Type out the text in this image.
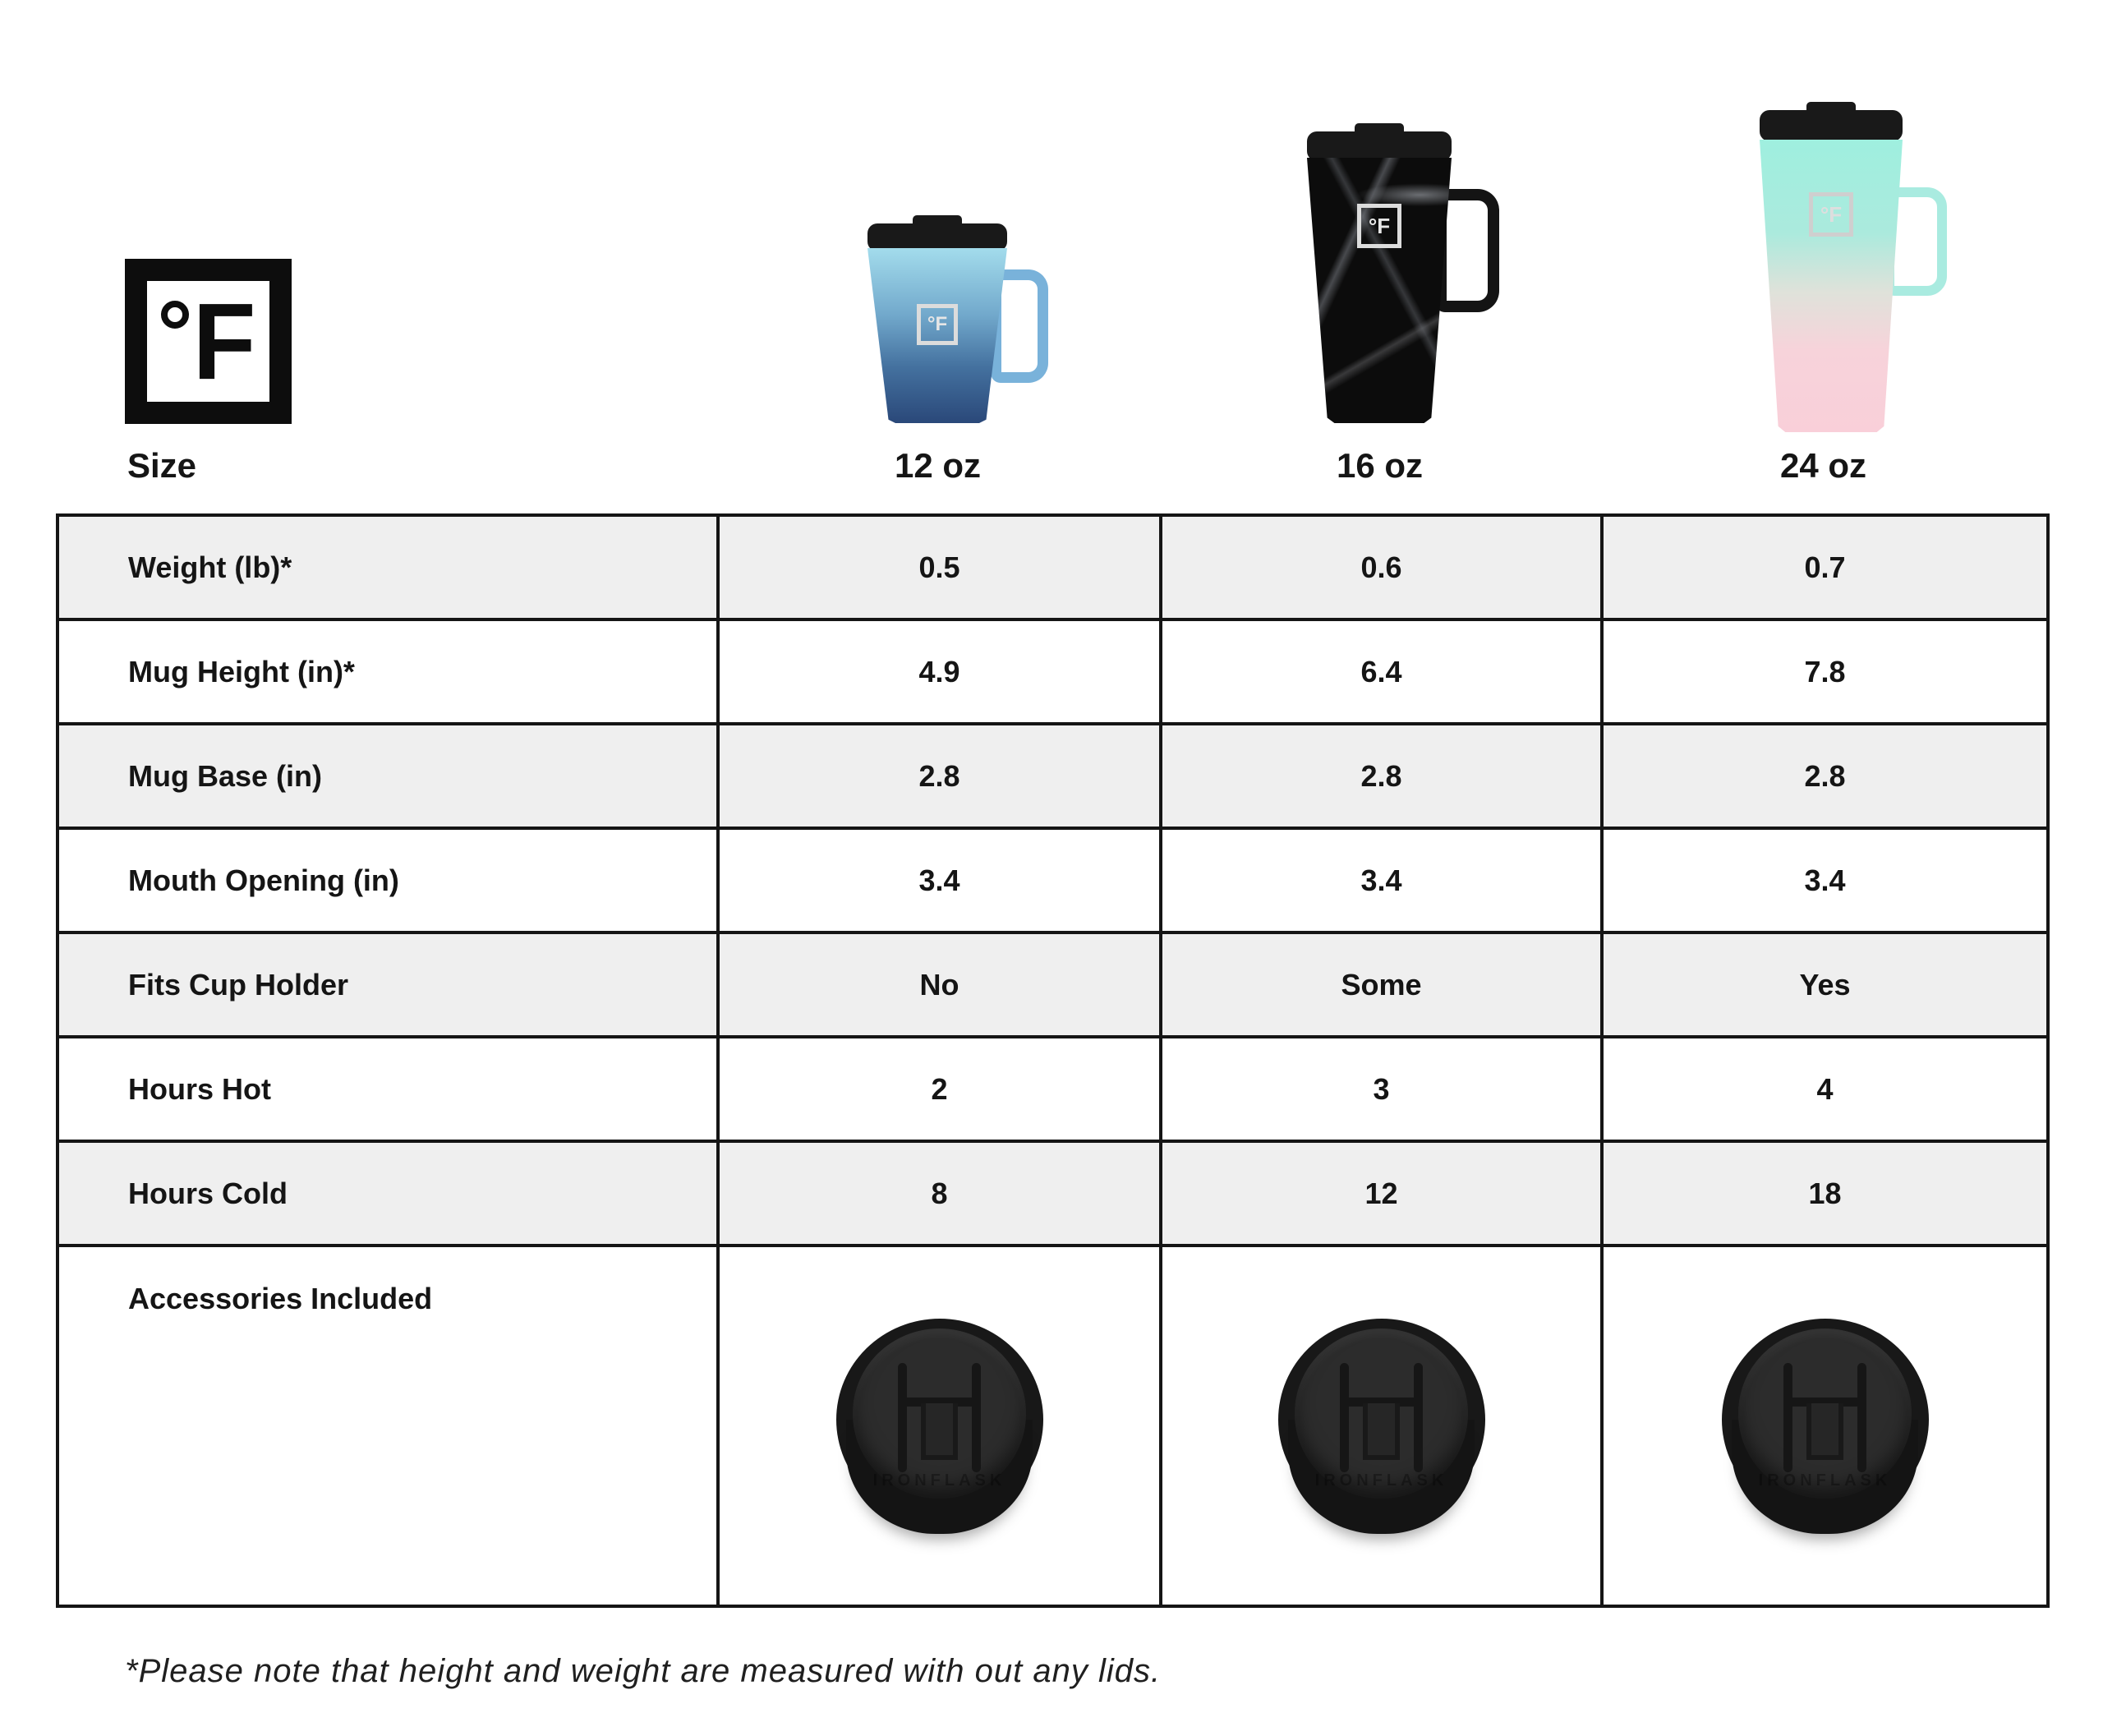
F	°F
°F	°F
Size	12 oz	16 oz	24 oz
Weight (lb)*	0.5	0.6	0.7
Mug Height (in)*	4.9	6.4	7.8
Mug Base (in)	2.8	2.8	2.8
Mouth Opening (in)	3.4	3.4	3.4
Fits Cup Holder	No	Some	Yes
Hours Hot	2	3	4
Hours Cold	8	12	18
Accessories Included	IRONFLASK	IRONFLASK	IRONFLASK
*Please note that height and weight are measured with out any lids.
